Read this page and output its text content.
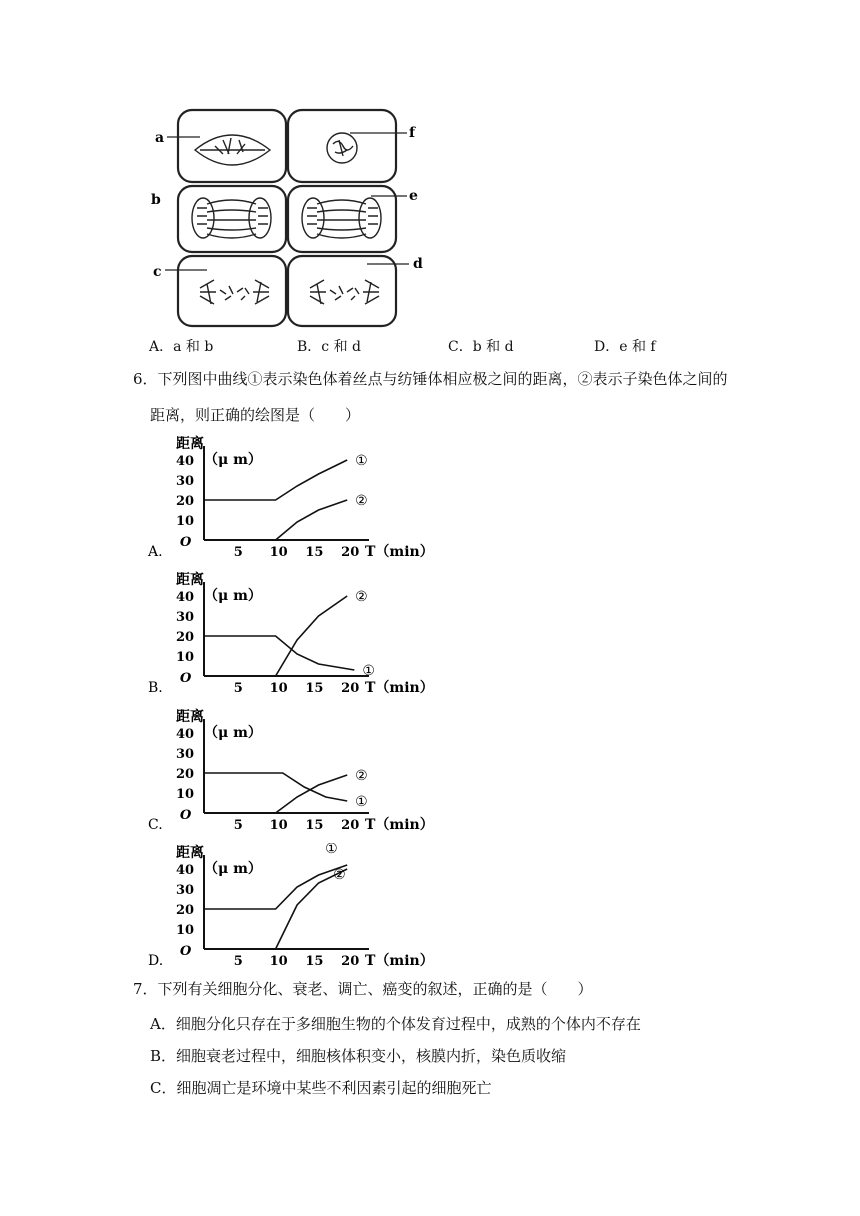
a
b
c
f
e
d
A．a 和 b	B．c 和 d	C．b 和 d	D．e 和 f
6．下列图中曲线①表示染色体着丝点与纺锤体相应极之间的距离，②表示子染色体之间的
距离，则正确的绘图是（　　）
A.
距离
（μ m）
40
30
20
10
O
5 10 15 20 T（min）
①
②
B.
距离
（μ m）
40
30
20
10
O
5 10 15 20 T（min）
①
②
C.
距离
（μ m）
40
30
20
10
O
5 10 15 20 T（min）
②
①
D.
距离
（μ m）
40
30
20
10
O
5 10 15 20 T（min）
①
②
7．下列有关细胞分化、衰老、调亡、癌变的叙述，正确的是（　　）
A．细胞分化只存在于多细胞生物的个体发育过程中，成熟的个体内不存在
B．细胞衰老过程中，细胞核体积变小，核膜内折，染色质收缩
C．细胞凋亡是环境中某些不利因素引起的细胞死亡
